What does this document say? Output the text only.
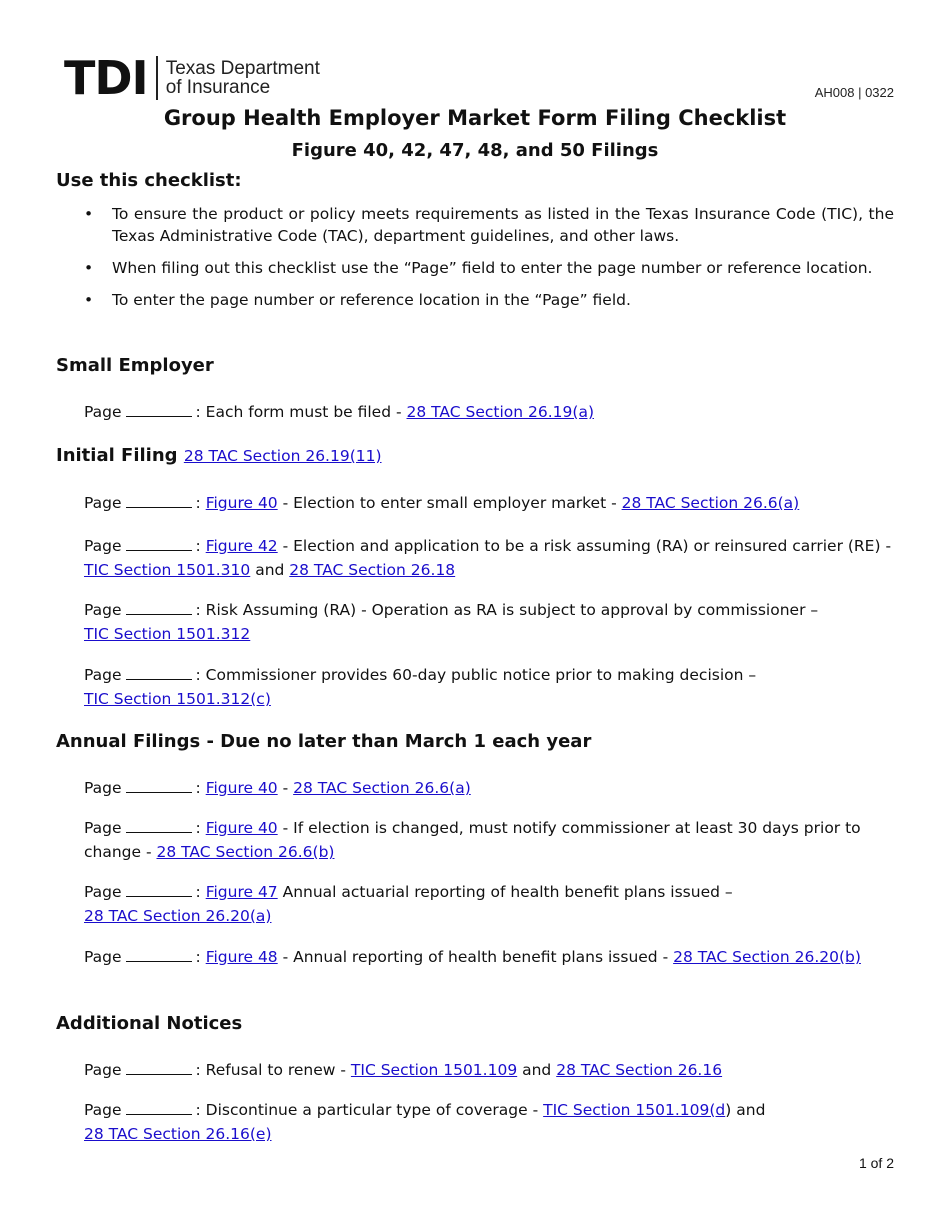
TDI Texas Department
of Insurance	AH008 | 0322
Group Health Employer Market Form Filing Checklist
Figure 40, 42, 47, 48, and 50 Filings
Use this checklist:
• To ensure the product or policy meets requirements as listed in the Texas Insurance Code (TIC), the Texas Administrative Code (TAC), department guidelines, and other laws.
• When filing out this checklist use the “Page” field to enter the page number or reference location.
• To enter the page number or reference location in the “Page” field.
Small Employer
Page	: Each form must be filed - 28 TAC Section 26.19(a)
Initial Filing 28 TAC Section 26.19(11)
Page	: Figure 40 - Election to enter small employer market - 28 TAC Section 26.6(a)
Page	: Figure 42 - Election and application to be a risk assuming (RA) or reinsured carrier (RE) -TIC Section 1501.310 and 28 TAC Section 26.18
Page	: Risk Assuming (RA) - Operation as RA is subject to approval by commissioner –
TIC Section 1501.312
Page	: Commissioner provides 60-day public notice prior to making decision –
TIC Section 1501.312(c)
Annual Filings - Due no later than March 1 each year
Page	: Figure 40 - 28 TAC Section 26.6(a)
Page	: Figure 40 - If election is changed, must notify commissioner at least 30 days prior to change - 28 TAC Section 26.6(b)
Page	: Figure 47 Annual actuarial reporting of health benefit plans issued –
28 TAC Section 26.20(a)
Page	: Figure 48 - Annual reporting of health benefit plans issued - 28 TAC Section 26.20(b)
Additional Notices
Page	: Refusal to renew - TIC Section 1501.109 and 28 TAC Section 26.16
Page	: Discontinue a particular type of coverage - TIC Section 1501.109(d) and
28 TAC Section 26.16(e)
1 of 2
